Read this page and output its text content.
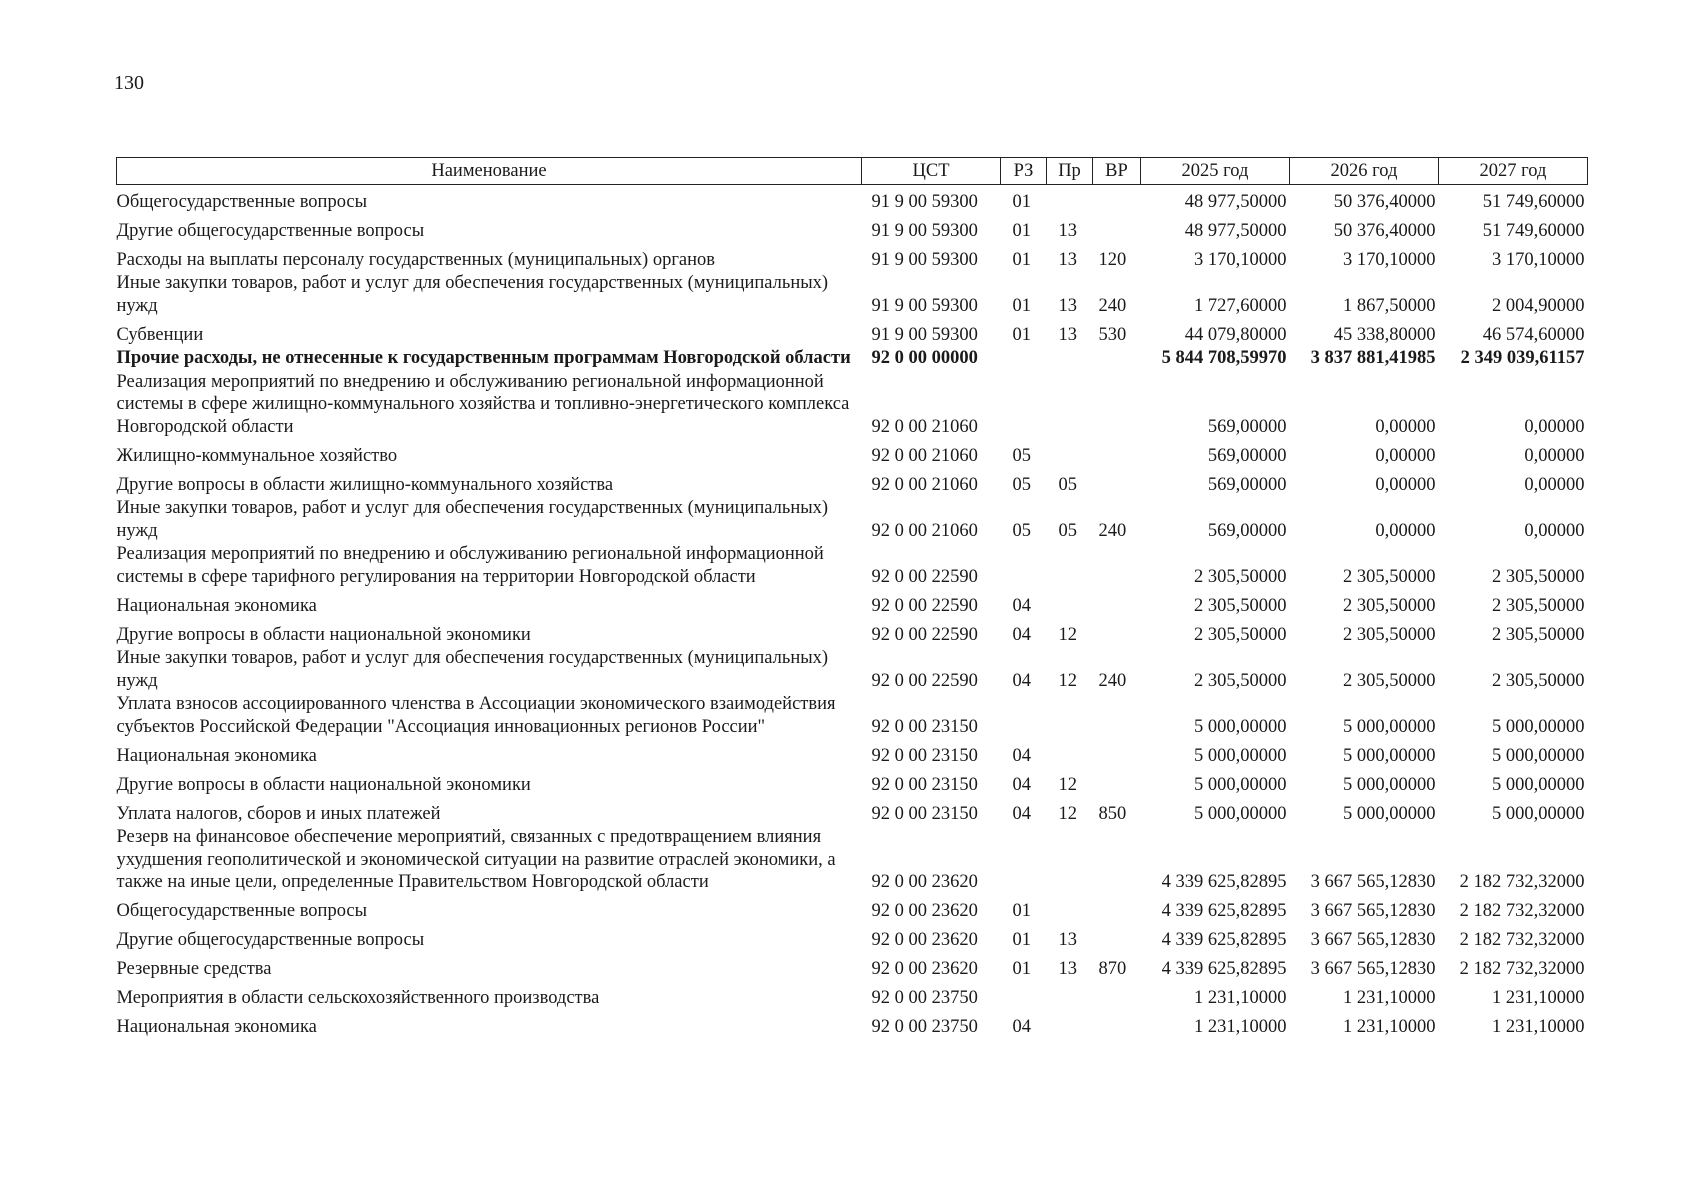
130
Наименование	ЦСТ	РЗ	Пр	ВР	2025 год	2026 год	2027 год
Общегосударственные вопросы	91 9 00 59300	01			48 977,50000	50 376,40000	51 749,60000
Другие общегосударственные вопросы	91 9 00 59300	01	13		48 977,50000	50 376,40000	51 749,60000
Расходы на выплаты персоналу государственных (муниципальных) органов	91 9 00 59300	01	13	120	3 170,10000	3 170,10000	3 170,10000
Иные закупки товаров, работ и услуг для обеспечения государственных (муниципальных) нужд	91 9 00 59300	01	13	240	1 727,60000	1 867,50000	2 004,90000
Субвенции	91 9 00 59300	01	13	530	44 079,80000	45 338,80000	46 574,60000
Прочие расходы, не отнесенные к государственным программам Новгородской области	92 0 00 00000				5 844 708,59970	3 837 881,41985	2 349 039,61157
Реализация мероприятий по внедрению и обслуживанию региональной информационной системы в сфере жилищно-коммунального хозяйства и топливно-энергетического комплекса Новгородской области	92 0 00 21060				569,00000	0,00000	0,00000
Жилищно-коммунальное хозяйство	92 0 00 21060	05			569,00000	0,00000	0,00000
Другие вопросы в области жилищно-коммунального хозяйства	92 0 00 21060	05	05		569,00000	0,00000	0,00000
Иные закупки товаров, работ и услуг для обеспечения государственных (муниципальных) нужд	92 0 00 21060	05	05	240	569,00000	0,00000	0,00000
Реализация мероприятий по внедрению и обслуживанию региональной информационной системы в сфере тарифного регулирования на территории Новгородской области	92 0 00 22590				2 305,50000	2 305,50000	2 305,50000
Национальная экономика	92 0 00 22590	04			2 305,50000	2 305,50000	2 305,50000
Другие вопросы в области национальной экономики	92 0 00 22590	04	12		2 305,50000	2 305,50000	2 305,50000
Иные закупки товаров, работ и услуг для обеспечения государственных (муниципальных) нужд	92 0 00 22590	04	12	240	2 305,50000	2 305,50000	2 305,50000
Уплата взносов ассоциированного членства в Ассоциации экономического взаимодействия субъектов Российской Федерации "Ассоциация инновационных регионов России"	92 0 00 23150				5 000,00000	5 000,00000	5 000,00000
Национальная экономика	92 0 00 23150	04			5 000,00000	5 000,00000	5 000,00000
Другие вопросы в области национальной экономики	92 0 00 23150	04	12		5 000,00000	5 000,00000	5 000,00000
Уплата налогов, сборов и иных платежей	92 0 00 23150	04	12	850	5 000,00000	5 000,00000	5 000,00000
Резерв на финансовое обеспечение мероприятий, связанных с предотвращением влияния ухудшения геополитической и экономической ситуации на развитие отраслей экономики, а также на иные цели, определенные Правительством Новгородской области	92 0 00 23620				4 339 625,82895	3 667 565,12830	2 182 732,32000
Общегосударственные вопросы	92 0 00 23620	01			4 339 625,82895	3 667 565,12830	2 182 732,32000
Другие общегосударственные вопросы	92 0 00 23620	01	13		4 339 625,82895	3 667 565,12830	2 182 732,32000
Резервные средства	92 0 00 23620	01	13	870	4 339 625,82895	3 667 565,12830	2 182 732,32000
Мероприятия в области сельскохозяйственного производства	92 0 00 23750				1 231,10000	1 231,10000	1 231,10000
Национальная экономика	92 0 00 23750	04			1 231,10000	1 231,10000	1 231,10000
